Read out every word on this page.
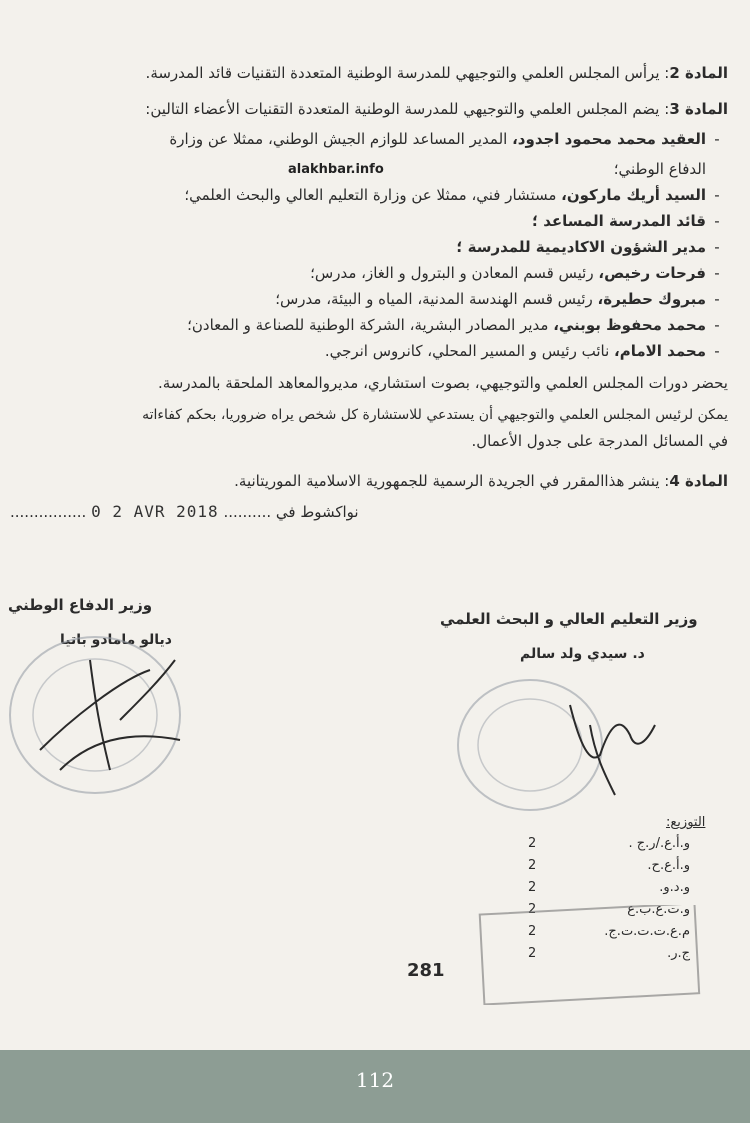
المادة 2: يرأس المجلس العلمي والتوجيهي للمدرسة الوطنية المتعددة التقنيات قائد المدرسة.
المادة 3: يضم المجلس العلمي والتوجيهي للمدرسة الوطنية المتعددة التقنيات الأعضاء التالين:
-العقيد محمد محمود اجدود، المدير المساعد للوازم الجيش الوطني، ممثلا عن وزارة
الدفاع الوطني؛
-السيد أريك ماركون، مستشار فني، ممثلا عن وزارة التعليم العالي والبحث العلمي؛
-قائد المدرسة المساعد ؛
-مدير الشؤون الاكاديمية للمدرسة ؛
-فرحات رخيص، رئيس قسم المعادن و البترول و الغاز، مدرس؛
-مبروك حطيرة، رئيس قسم الهندسة المدنية، المياه و البيئة، مدرس؛
-محمد محفوظ بوبني، مدير المصادر البشرية، الشركة الوطنية للصناعة و المعادن؛
-محمد الامام، نائب رئيس و المسير المحلي، كانروس انرجي.
alakhbar.info
يحضر دورات المجلس العلمي والتوجيهي، بصوت استشاري، مديروالمعاهد الملحقة بالمدرسة.
يمكن لرئيس المجلس العلمي والتوجيهي أن يستدعي للاستشارة كل شخص يراه ضروريا، بحكم كفاءاته
في المسائل المدرجة على جدول الأعمال.
المادة 4: ينشر هذاالمقرر في الجريدة الرسمية للجمهورية الاسلامية الموريتانية.
................ 0 2 AVR 2018 نواكشوط في ..........
وزير الدفاع الوطني
ديالو مامادو باتيا
وزير التعليم العالي و البحث العلمي
د. سيدي ولد سالم
التوزيع:
2	و.أ.ع./ر.ج .
2	و.أ.ع.ح.
2	و.د.و.
2	و.ت.ع.ب.ع
2	م.ع.ت.ت.ت.ج.
2	ج.ر.
281
112
